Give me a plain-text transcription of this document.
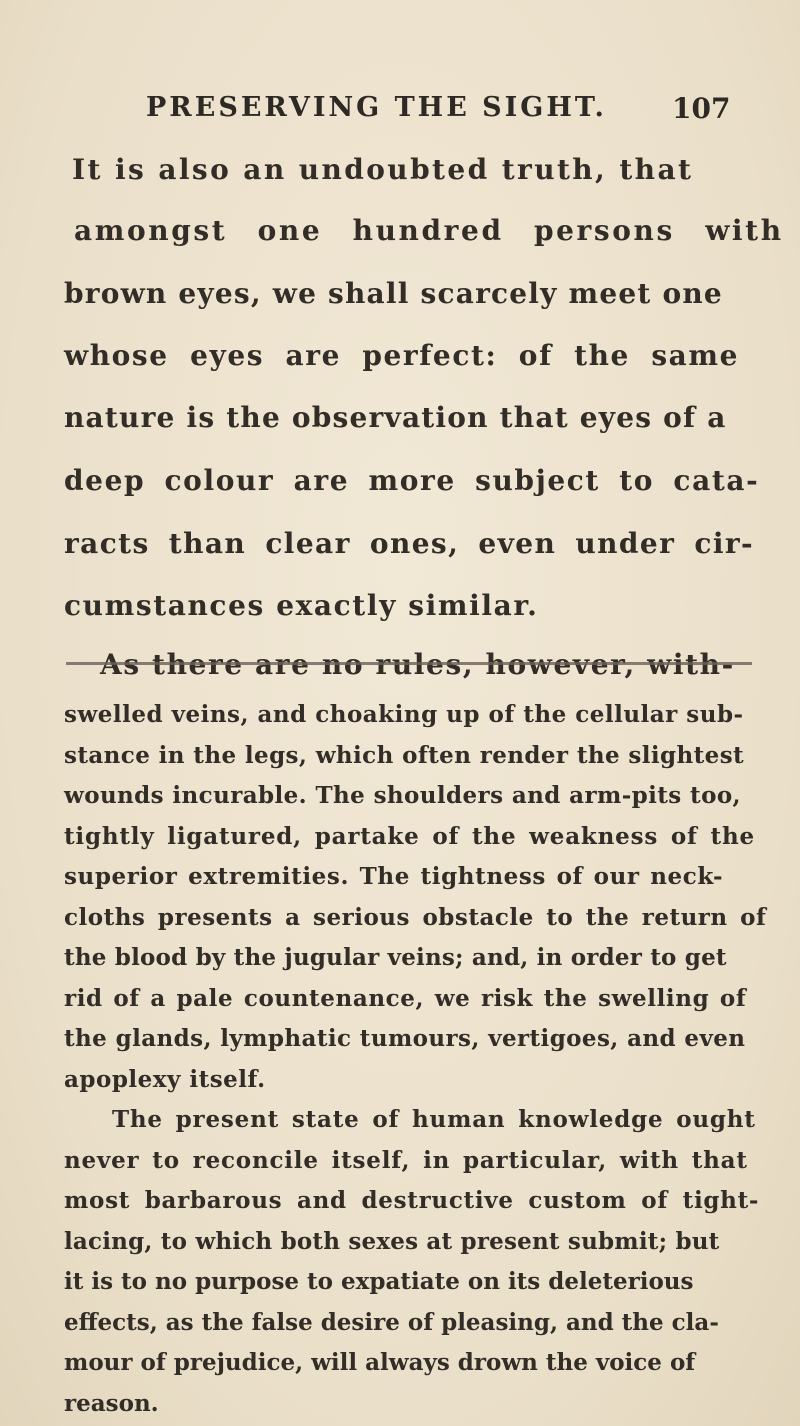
PRESERVING THE SIGHT. 107
It is also an undoubted truth, that
amongst one hundred persons with
brown eyes, we shall scarcely meet one
whose eyes are perfect: of the same
nature is the observation that eyes of a
deep colour are more subject to cata-
racts than clear ones, even under cir-
cumstances exactly similar.
As there are no rules, however, with-
swelled veins, and choaking up of the cellular sub-
stance in the legs, which often render the slightest
wounds incurable. The shoulders and arm-pits too,
tightly ligatured, partake of the weakness of the
superior extremities. The tightness of our neck-
cloths presents a serious obstacle to the return of
the blood by the jugular veins; and, in order to get
rid of a pale countenance, we risk the swelling of
the glands, lymphatic tumours, vertigoes, and even
apoplexy itself.
The present state of human knowledge ought
never to reconcile itself, in particular, with that
most barbarous and destructive custom of tight-
lacing, to which both sexes at present submit; but
it is to no purpose to expatiate on its deleterious
effects, as the false desire of pleasing, and the cla-
mour of prejudice, will always drown the voice of
reason.
